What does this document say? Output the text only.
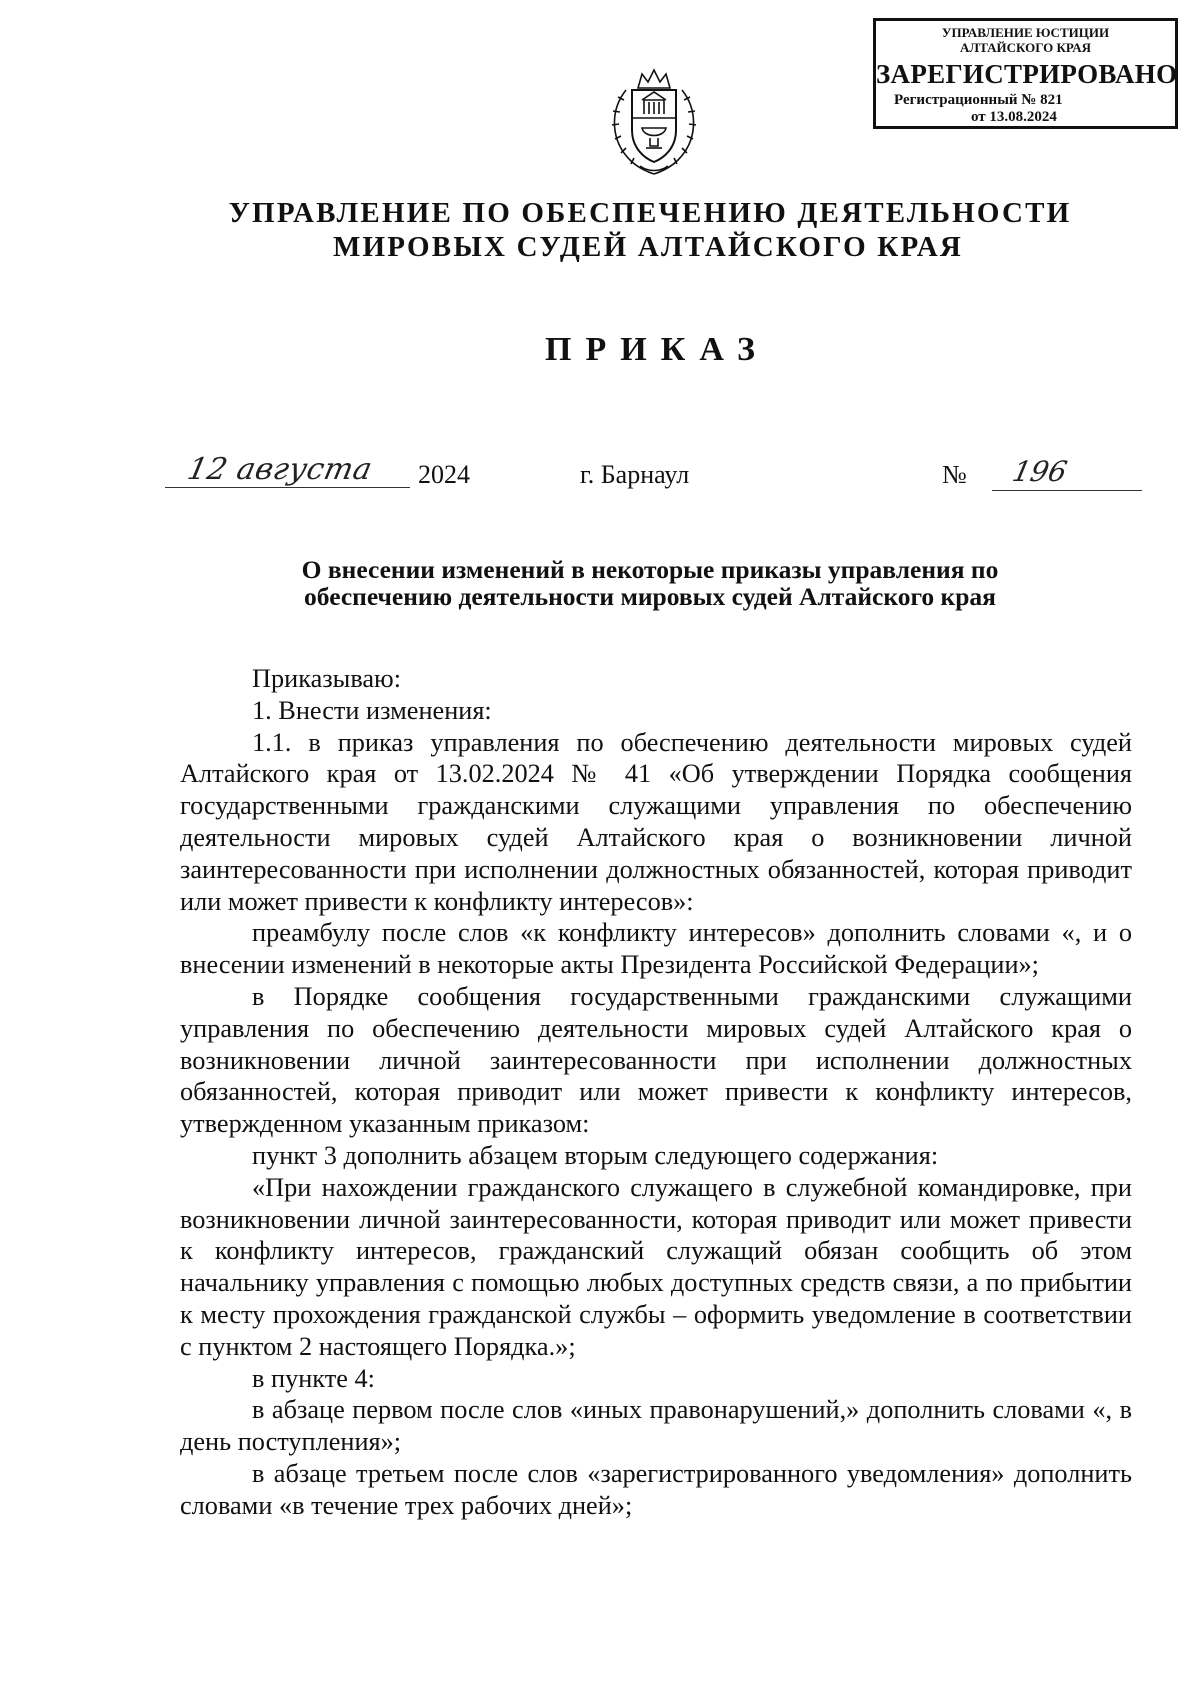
УПРАВЛЕНИЕ ЮСТИЦИИ
АЛТАЙСКОГО КРАЯ
ЗАРЕГИСТРИРОВАНО
Регистрационный № 821
от 13.08.2024
УПРАВЛЕНИЕ ПО ОБЕСПЕЧЕНИЮ ДЕЯТЕЛЬНОСТИ
МИРОВЫХ СУДЕЙ АЛТАЙСКОГО КРАЯ
ПРИКАЗ
12 августа 2024	г. Барнаул	№ 196
О внесении изменений в некоторые приказы управления по
обеспечению деятельности мировых судей Алтайского края

Приказываю:

1. Внести изменения:

1.1. в приказ управления по обеспечению деятельности мировых судей Алтайского края от 13.02.2024 № 41 «Об утверждении Порядка сообщения государственными гражданскими служащими управления по обеспечению деятельности мировых судей Алтайского края о возникновении личной заинтересованности при исполнении должностных обязанностей, которая приводит или может привести к конфликту интересов»:

преамбулу после слов «к конфликту интересов» дополнить словами «, и о внесении изменений в некоторые акты Президента Российской Федерации»;

в Порядке сообщения государственными гражданскими служащими управления по обеспечению деятельности мировых судей Алтайского края о возникновении личной заинтересованности при исполнении должностных обязанностей, которая приводит или может привести к конфликту интересов, утвержденном указанным приказом:

пункт 3 дополнить абзацем вторым следующего содержания:

«При нахождении гражданского служащего в служебной командировке, при возникновении личной заинтересованности, которая приводит или может привести к конфликту интересов, гражданский служащий обязан сообщить об этом начальнику управления с помощью любых доступных средств связи, а по прибытии к месту прохождения гражданской службы – оформить уведомление в соответствии с пунктом 2 настоящего Порядка.»;

в пункте 4:

в абзаце первом после слов «иных правонарушений,» дополнить словами «, в день поступления»;

в абзаце третьем после слов «зарегистрированного уведомления» дополнить словами «в течение трех рабочих дней»;
